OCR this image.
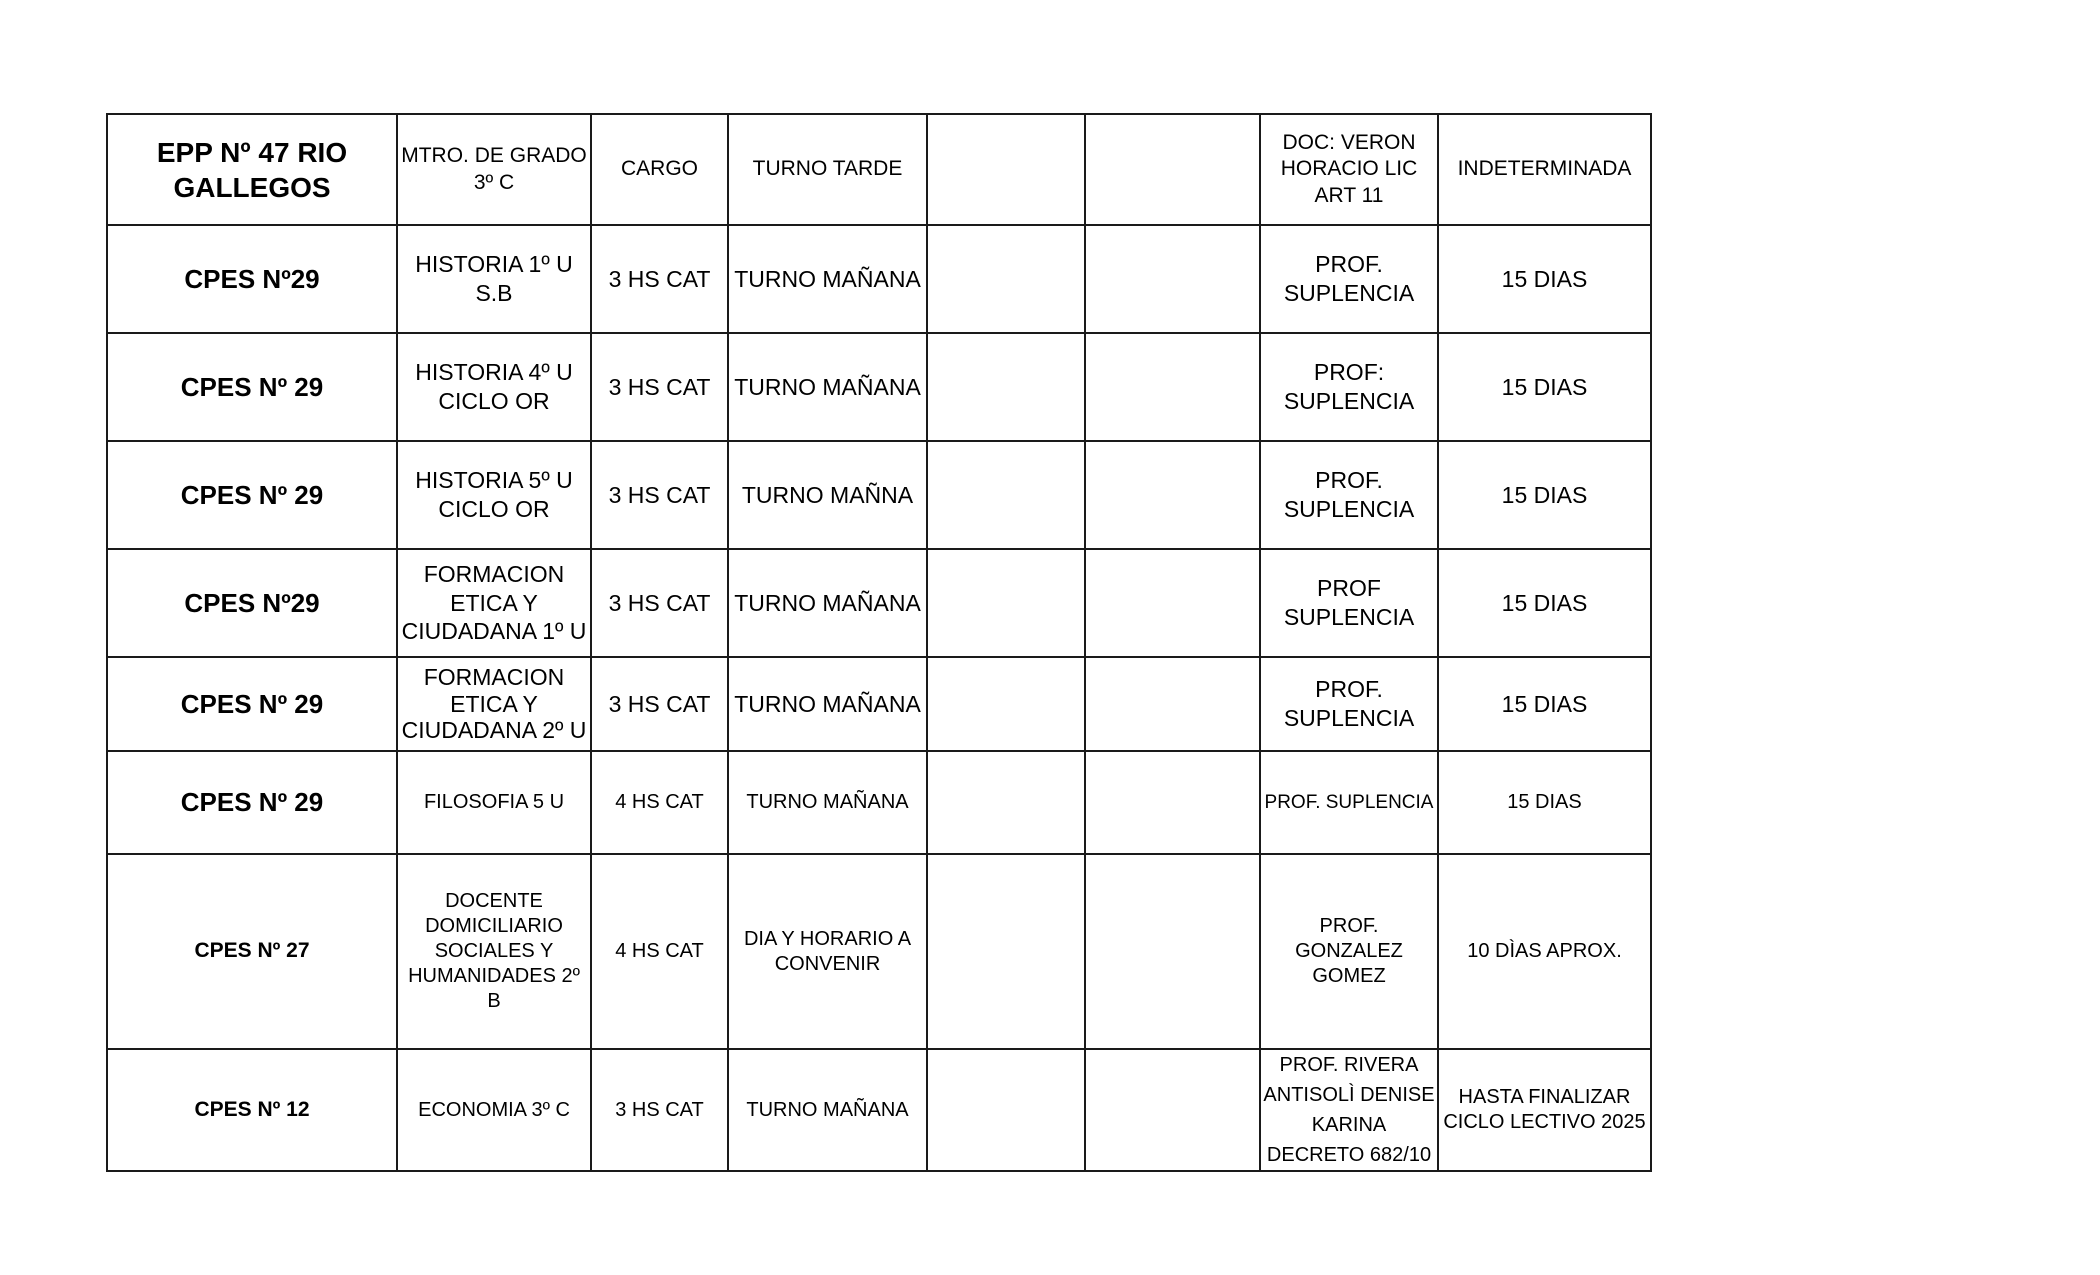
EPP Nº 47 RIO GALLEGOS	MTRO. DE GRADO 3º C	CARGO	TURNO TARDE			DOC: VERON HORACIO LIC ART 11	INDETERMINADA
CPES Nº29	HISTORIA 1º U S.B	3 HS CAT	TURNO MAÑANA			PROF. SUPLENCIA	15 DIAS
CPES Nº 29	HISTORIA 4º U CICLO OR	3 HS CAT	TURNO MAÑANA			PROF: SUPLENCIA	15 DIAS
CPES Nº 29	HISTORIA 5º U CICLO OR	3 HS CAT	TURNO MAÑNA			PROF. SUPLENCIA	15 DIAS
CPES Nº29	FORMACION ETICA Y CIUDADANA 1º U	3 HS CAT	TURNO MAÑANA			PROF SUPLENCIA	15 DIAS
CPES Nº 29	FORMACION ETICA Y CIUDADANA 2º U	3 HS CAT	TURNO MAÑANA			PROF. SUPLENCIA	15 DIAS
CPES Nº 29	FILOSOFIA 5 U	4 HS CAT	TURNO MAÑANA			PROF. SUPLENCIA	15 DIAS
CPES Nº 27	DOCENTE DOMICILIARIO SOCIALES Y HUMANIDADES 2º B	4 HS CAT	DIA Y HORARIO A CONVENIR			PROF. GONZALEZ GOMEZ	10 DÌAS APROX.
CPES Nº 12	ECONOMIA 3º C	3 HS CAT	TURNO MAÑANA			PROF. RIVERA ANTISOLÌ DENISE KARINA DECRETO 682/10	HASTA FINALIZAR CICLO LECTIVO 2025
